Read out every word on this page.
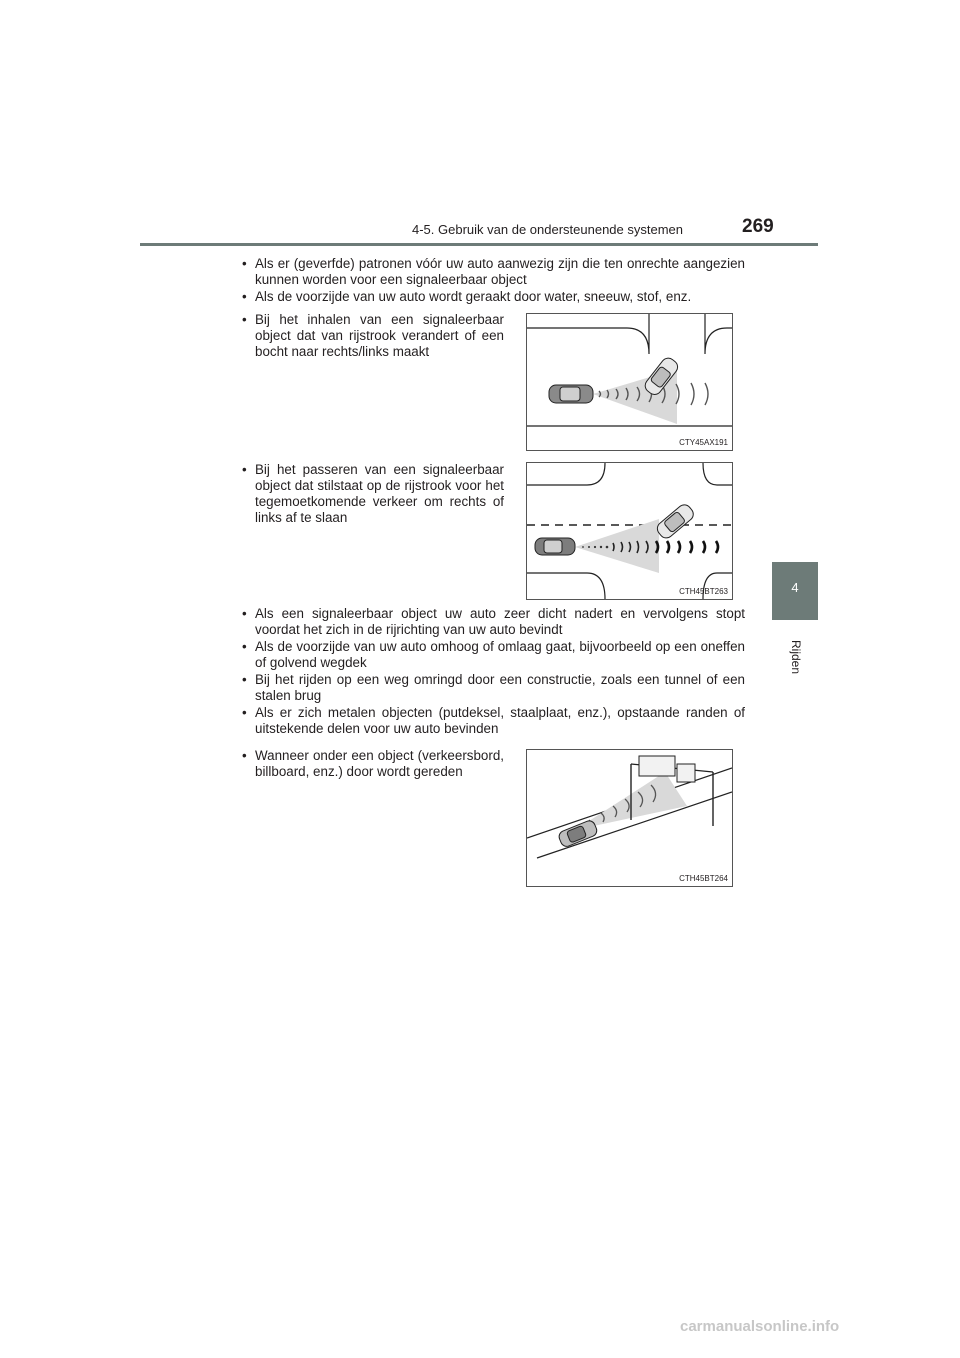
4-5. Gebruik van de ondersteunende systemen	269
4
Rijden
• Als er (geverfde) patronen vóór uw auto aanwezig zijn die ten onrechte aangezien kunnen worden voor een signaleerbaar object
• Als de voorzijde van uw auto wordt geraakt door water, sneeuw, stof, enz.
• Bij het inhalen van een signaleerbaar object dat van rijstrook verandert of een bocht naar rechts/links maakt
CTY45AX191
• Bij het passeren van een signaleerbaar object dat stilstaat op de rijstrook voor het tegemoetkomende verkeer om rechts of links af te slaan
CTH45BT263
• Als een signaleerbaar object uw auto zeer dicht nadert en vervolgens stopt voordat het zich in de rijrichting van uw auto bevindt
• Als de voorzijde van uw auto omhoog of omlaag gaat, bijvoorbeeld op een oneffen of golvend wegdek
• Bij het rijden op een weg omringd door een constructie, zoals een tunnel of een stalen brug
• Als er zich metalen objecten (putdeksel, staalplaat, enz.), opstaande randen of uitstekende delen voor uw auto bevinden
• Wanneer onder een object (verkeersbord, billboard, enz.) door wordt gereden
CTH45BT264
carmanualsonline.info
